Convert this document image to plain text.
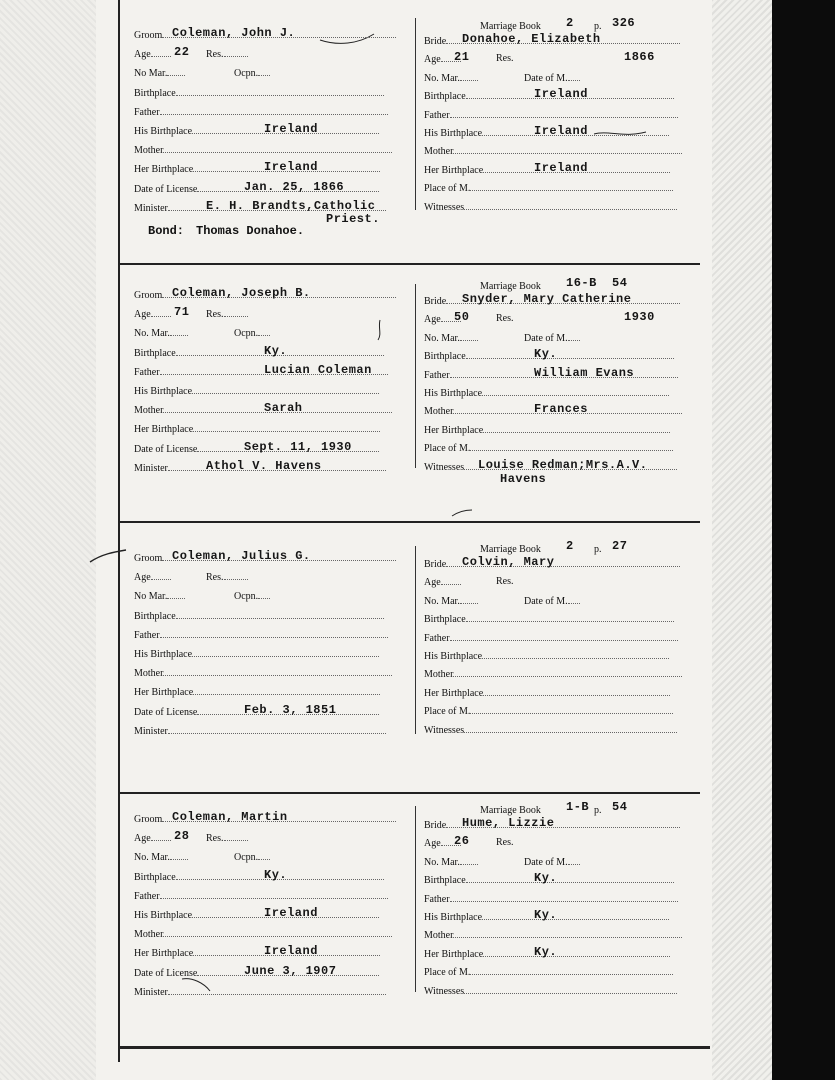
Marriage Book 2 p. 326
Groom Coleman, John J.
Age	22 Res.
No Mar.	Ocpn.
Birthplace
Father
His Birthplace	Ireland
Mother
Her Birthplace	Ireland
Date of License	Jan. 25, 1866
Minister	E. H. Brandts,Catholic
Bride	Donahoe, Elizabeth
Age	21	Res.	1866
No. Mar.	Date of M.
Birthplace	Ireland
Father
His Birthplace	Ireland
Mother
Her Birthplace	Ireland
Place of M.
Witnesses
Priest.
Bond: Thomas Donahoe.
Marriage Book 16-B 54
Groom Coleman, Joseph B.
Age	71 Res.
No. Mar.	Ocpn.
Birthplace	Ky.
Father	Lucian Coleman
His Birthplace
Mother	Sarah
Her Birthplace
Date of License	Sept. 11, 1930
Minister	Athol V. Havens
Bride	Snyder, Mary Catherine
Age	50	Res.	1930
No. Mar.	Date of M.
Birthplace	Ky.
Father	William Evans
His Birthplace
Mother	Frances
Her Birthplace
Place of M.
Witnesses	Louise Redman;Mrs.A.V.
Havens
Marriage Book 2 p. 27
Groom Coleman, Julius G.
Age	Res.
No Mar.	Ocpn.
Birthplace
Father
His Birthplace
Mother
Her Birthplace
Date of License	Feb. 3, 1851
Minister
Bride	Colvin, Mary
Age	Res.
No. Mar.	Date of M.
Birthplace
Father
His Birthplace
Mother
Her Birthplace
Place of M.
Witnesses
Marriage Book 1-B p. 54
Groom Coleman, Martin
Age	28 Res.
No. Mar.	Ocpn.
Birthplace	Ky.
Father
His Birthplace	Ireland
Mother
Her Birthplace	Ireland
Date of License	June 3, 1907
Minister
Bride	Hume, Lizzie
Age	26	Res.
No. Mar.	Date of M.
Birthplace	Ky.
Father
His Birthplace	Ky.
Mother
Her Birthplace	Ky.
Place of M.
Witnesses
